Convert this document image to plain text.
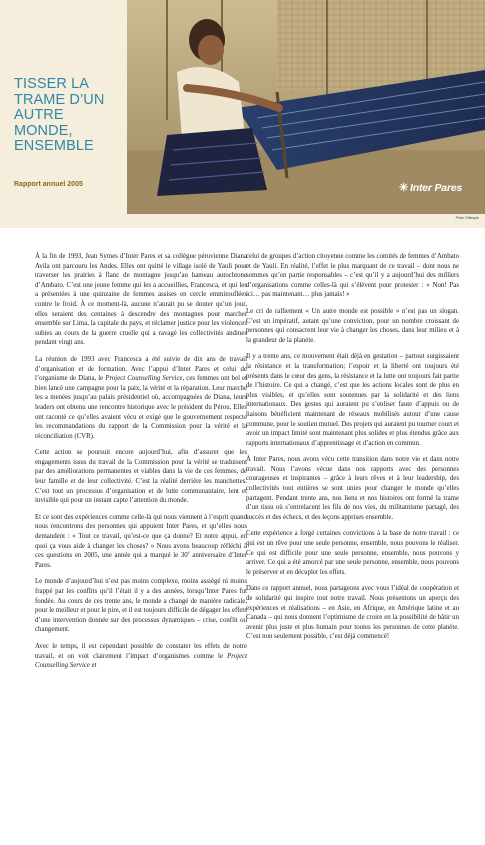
TISSER LA
TRAME D’UN
AUTRE MONDE,
ENSEMBLE
Rapport annuel 2005	✳ Inter Pares
Peter Gillespie

À la fin de 1993, Jean Symes d’Inter Pares et sa collègue péruvienne Diana Avila ont parcouru les Andes. Elles ont quitté le village isolé de Yauli pour traverser les prairies à flanc de montagne jusqu’au hameau autochtone d’Ambato. C’est une jeune femme qui les a accueillies, Francesca, et qui les a présentées à une quinzaine de femmes assises en cercle emmitouflées contre le froid. À ce moment-là, aucune n’aurait pu se douter qu’un jour, elles seraient des centaines à descendre des montagnes pour marcher ensemble sur Lima, la capitale du pays, et réclamer justice pour les violences subies au cours de la guerre cruelle qui a ravagé les collectivités andines pendant vingt ans.

La réunion de 1993 avec Francesca a été suivie de dix ans de travail d’organisation et de formation. Avec l’appui d’Inter Pares et celui de l’organisme de Diana, le Project Counselling Service, ces femmes ont bel et bien lancé une campagne pour la paix, la vérité et la réparation. Leur marche les a menées jusqu’au palais présidentiel où, accompagnées de Diana, leurs leaders ont obtenu une rencontre historique avec le président du Pérou. Elles ont raconté ce qu’elles avaient vécu et exigé que le gouvernement respecte les recommandations du rapport de la Commission pour la vérité et la réconciliation (CVR).

Cette action se poursuit encore aujourd’hui, afin d’assurer que les engagements issus du travail de la Commission pour la vérité se traduisent par des améliorations permanentes et viables dans la vie de ces femmes, de leur famille et de leur collectivité. C’est la réalité derrière les manchettes. C’est tout un processus d’organisation et de lutte communautaire, lent et invisible qui pour un instant capte l’attention du monde.

Et ce sont des expériences comme celle-là qui nous viennent à l’esprit quand nous rencontrons des personnes qui appuient Inter Pares, et qu’elles nous demandent : « Tout ce travail, qu’est-ce que ça donne? Et notre appui, en quoi ça vous aide à changer les choses? » Nous avons beaucoup réfléchi à ces questions en 2005, une année qui a marqué le 30e anniversaire d’Inter Pares.

Le monde d’aujourd’hui n’est pas moins complexe, moins assiégé ni moins frappé par les conflits qu’il l’était il y a des années, lorsqu’Inter Pares fut fondée. Au cours de ces trente ans, le monde a changé de manière radicale, pour le meilleur et pour le pire, et il est toujours difficile de dégager les effets d’une intervention donnée sur des processus dynamiques – crise, conflit ou changement.

Avec le temps, il est cependant possible de constater les effets de notre travail, et on voit clairement l’impact d’organismes comme le Project Counselling Service et

celui de groupes d’action citoyenne comme les comités de femmes d’Ambato et de Yauli. En réalité, l’effet le plus marquant de ce travail – dont nous ne sommes qu’en partie responsables – c’est qu’il y a aujourd’hui des milliers d’organisations comme celles-là qui s’élèvent pour protester : « Non! Pas ici… pas maintenant… plus jamais! »

Le cri de ralliement « Un autre monde est possible » n’est pas un slogan. C’est un impératif, autant qu’une conviction, pour un nombre croissant de personnes qui consacrent leur vie à changer les choses, dans leur milieu et à la grandeur de la planète.

Il y a trente ans, ce mouvement était déjà en gestation – partout surgissaient la résistance et la transformation; l’espoir et la liberté ont toujours été présents dans le cœur des gens, la résistance et la lutte ont toujours fait partie de l’histoire. Ce qui a changé, c’est que les actions locales sont de plus en plus visibles, et qu’elles sont soutenues par la solidarité et des liens internationaux. Des gestes qui auraient pu s’enliser faute d’appuis ou de liaisons bénéficient maintenant de réseaux mobilisés autour d’une cause commune, pour le soutien mutuel. Des projets qui auraient pu tourner court et avoir un impact limité sont maintenant plus solides et plus étendus grâce aux rapports internationaux d’apprentissage et d’action en commun.

À Inter Pares, nous avons vécu cette transition dans notre vie et dans notre travail. Nous l’avons vécue dans nos rapports avec des personnes courageuses et inspirantes – grâce à leurs rêves et à leur leadership, des collectivités tout entières se sont unies pour changer le monde qu’elles partagent. Pendant trente ans, nos liens et nos histoires ont formé la trame d’un tissu où s’entrelacent les fils de nos vies, du militantisme partagé, des succès et des échecs, et des leçons apprises ensemble.

Cette expérience a forgé certaines convictions à la base de notre travail : ce qui est un rêve pour une seule personne, ensemble, nous pouvons le réaliser. Ce qui est difficile pour une seule personne, ensemble, nous pouvons y arriver. Ce qui a été amorcé par une seule personne, ensemble, nous pouvons le préserver et en décupler les effets.

Dans ce rapport annuel, nous partageons avec vous l’idéal de coopération et de solidarité qui inspire tout notre travail. Nous présentons un aperçu des expériences et réalisations – en Asie, en Afrique, en Amérique latine et au Canada – qui nous donnent l’optimisme de croire en la possibilité de bâtir un avenir plus juste et plus humain pour toutes les personnes de cette planète. C’est non seulement possible, c’est déjà commencé!
